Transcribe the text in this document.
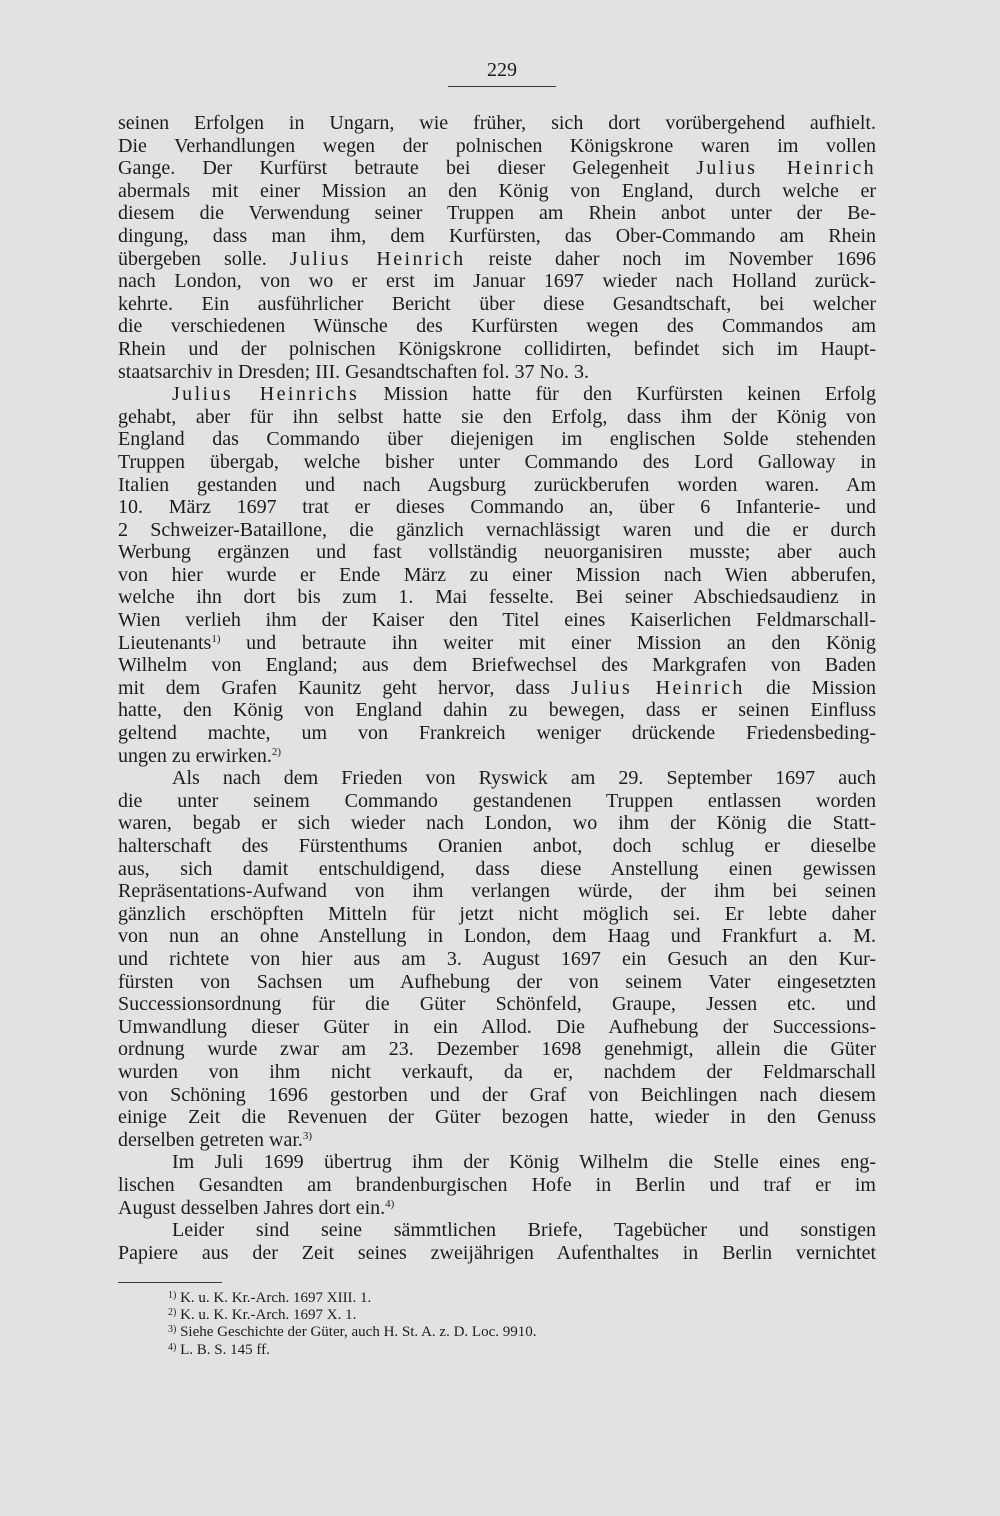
229
seinen Erfolgen in Ungarn, wie früher, sich dort vorübergehend aufhielt.
Die Verhandlungen wegen der polnischen Königskrone waren im vollen
Gange. Der Kurfürst betraute bei dieser Gelegenheit Julius Heinrich
abermals mit einer Mission an den König von England, durch welche er
diesem die Verwendung seiner Truppen am Rhein anbot unter der Be-
dingung, dass man ihm, dem Kurfürsten, das Ober-Commando am Rhein
übergeben solle. Julius Heinrich reiste daher noch im November 1696
nach London, von wo er erst im Januar 1697 wieder nach Holland zurück-
kehrte. Ein ausführlicher Bericht über diese Gesandtschaft, bei welcher
die verschiedenen Wünsche des Kurfürsten wegen des Commandos am
Rhein und der polnischen Königskrone collidirten, befindet sich im Haupt-
staatsarchiv in Dresden; III. Gesandtschaften fol. 37 No. 3.
Julius Heinrichs Mission hatte für den Kurfürsten keinen Erfolg
gehabt, aber für ihn selbst hatte sie den Erfolg, dass ihm der König von
England das Commando über diejenigen im englischen Solde stehenden
Truppen übergab, welche bisher unter Commando des Lord Galloway in
Italien gestanden und nach Augsburg zurückberufen worden waren. Am
10. März 1697 trat er dieses Commando an, über 6 Infanterie- und
2 Schweizer-Bataillone, die gänzlich vernachlässigt waren und die er durch
Werbung ergänzen und fast vollständig neuorganisiren musste; aber auch
von hier wurde er Ende März zu einer Mission nach Wien abberufen,
welche ihn dort bis zum 1. Mai fesselte. Bei seiner Abschiedsaudienz in
Wien verlieh ihm der Kaiser den Titel eines Kaiserlichen Feldmarschall-
Lieutenants$^{1)}$ und betraute ihn weiter mit einer Mission an den König
Wilhelm von England; aus dem Briefwechsel des Markgrafen von Baden
mit dem Grafen Kaunitz geht hervor, dass Julius Heinrich die Mission
hatte, den König von England dahin zu bewegen, dass er seinen Einfluss
geltend machte, um von Frankreich weniger drückende Friedensbeding-
ungen zu erwirken.$^{2)}$
Als nach dem Frieden von Ryswick am 29. September 1697 auch
die unter seinem Commando gestandenen Truppen entlassen worden
waren, begab er sich wieder nach London, wo ihm der König die Statt-
halterschaft des Fürstenthums Oranien anbot, doch schlug er dieselbe
aus, sich damit entschuldigend, dass diese Anstellung einen gewissen
Repräsentations-Aufwand von ihm verlangen würde, der ihm bei seinen
gänzlich erschöpften Mitteln für jetzt nicht möglich sei. Er lebte daher
von nun an ohne Anstellung in London, dem Haag und Frankfurt a. M.
und richtete von hier aus am 3. August 1697 ein Gesuch an den Kur-
fürsten von Sachsen um Aufhebung der von seinem Vater eingesetzten
Successionsordnung für die Güter Schönfeld, Graupe, Jessen etc. und
Umwandlung dieser Güter in ein Allod. Die Aufhebung der Successions-
ordnung wurde zwar am 23. Dezember 1698 genehmigt, allein die Güter
wurden von ihm nicht verkauft, da er, nachdem der Feldmarschall
von Schöning 1696 gestorben und der Graf von Beichlingen nach diesem
einige Zeit die Revenuen der Güter bezogen hatte, wieder in den Genuss
derselben getreten war.$^{3)}$
Im Juli 1699 übertrug ihm der König Wilhelm die Stelle eines eng-
lischen Gesandten am brandenburgischen Hofe in Berlin und traf er im
August desselben Jahres dort ein.$^{4)}$
Leider sind seine sämmtlichen Briefe, Tagebücher und sonstigen
Papiere aus der Zeit seines zweijährigen Aufenthaltes in Berlin vernichtet
$^{1)}$ K. u. K. Kr.-Arch. 1697 XIII. 1.
$^{2)}$ K. u. K. Kr.-Arch. 1697 X. 1.
$^{3)}$ Siehe Geschichte der Güter, auch H. St. A. z. D. Loc. 9910.
$^{4)}$ L. B. S. 145 ff.
